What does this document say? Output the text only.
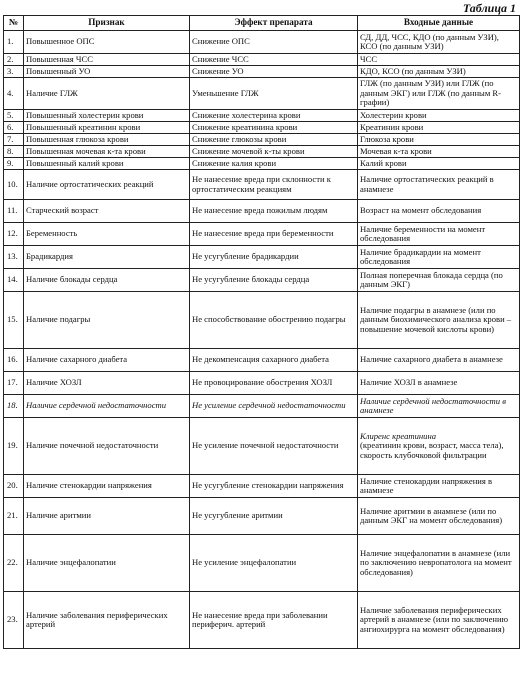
Таблица 1
№	Признак	Эффект препарата	Входные данные
1.	Повышенное ОПС	Снижение ОПС	СД, ДД, ЧСС, КДО (по данным УЗИ), КСО (по данным УЗИ)
2.	Повышенная ЧСС	Снижение ЧСС	ЧСС
3.	Повышенный УО	Снижение УО	КДО, КСО (по данным УЗИ)
4.	Наличие ГЛЖ	Уменьшение ГЛЖ	ГЛЖ (по данным УЗИ) или ГЛЖ (по данным ЭКГ) или ГЛЖ (по данным R-графии)
5.	Повышенный холестерин крови	Снижение холестерина крови	Холестерин крови
6.	Повышенный креатинин крови	Снижение креатинина крови	Креатинин крови
7.	Повышенная глюкоза крови	Снижение глюкозы крови	Глюкоза крови
8.	Повышенная мочевая к-та крови	Снижение мочевой к-ты крови	Мочевая к-та крови
9.	Повышенный калий крови	Снижение калия крови	Калий крови
10.	Наличие ортостатических реакций	Не нанесение вреда при склонности к ортостатическим реакциям	Наличие ортостатических реакций в анамнезе
11.	Старческий возраст	Не нанесение вреда пожилым людям	Возраст на момент обследования
12.	Беременность	Не нанесение вреда при беременности	Наличие беременности на момент обследования
13.	Брадикардия	Не усугубление брадикардии	Наличие брадикардии на момент обследования
14.	Наличие блокады сердца	Не усугубление блокады сердца	Полная поперечная блокада сердца (по данным ЭКГ)
15.	Наличие подагры	Не способствование обострению подагры	Наличие подагры в анамнезе (или по данным биохимического анализа крови – повышение мочевой кислоты крови)
16.	Наличие сахарного диабета	Не декомпенсация сахарного диабета	Наличие сахарного диабета в анамнезе
17.	Наличие ХОЗЛ	Не провоцирование обострения ХОЗЛ	Наличие ХОЗЛ в анамнезе
18.	Наличие сердечной недостаточности	Не усиление сердечной недостаточности	Наличие сердечной недостаточности в анамнезе
19.	Наличие почечной недостаточности	Не усиление почечной недостаточности	Клиренс креатинина
(креатинин крови, возраст, масса тела), скорость клубочковой фильтрации
20.	Наличие стенокардии напряжения	Не усугубление стенокардии напряжения	Наличие стенокардии напряжения в анамнезе
21.	Наличие аритмии	Не усугубление аритмии	Наличие аритмии в анамнезе (или по данным ЭКГ на момент обследования)
22.	Наличие энцефалопатии	Не усиление энцефалопатии	Наличие энцефалопатии в анамнезе (или по заключению невропатолога на момент обследования)
23.	Наличие заболевания периферических артерий	Не нанесение вреда при заболевании периферич. артерий	Наличие заболевания периферических артерий в анамнезе (или по заключению ангиохирурга на момент обследования)
